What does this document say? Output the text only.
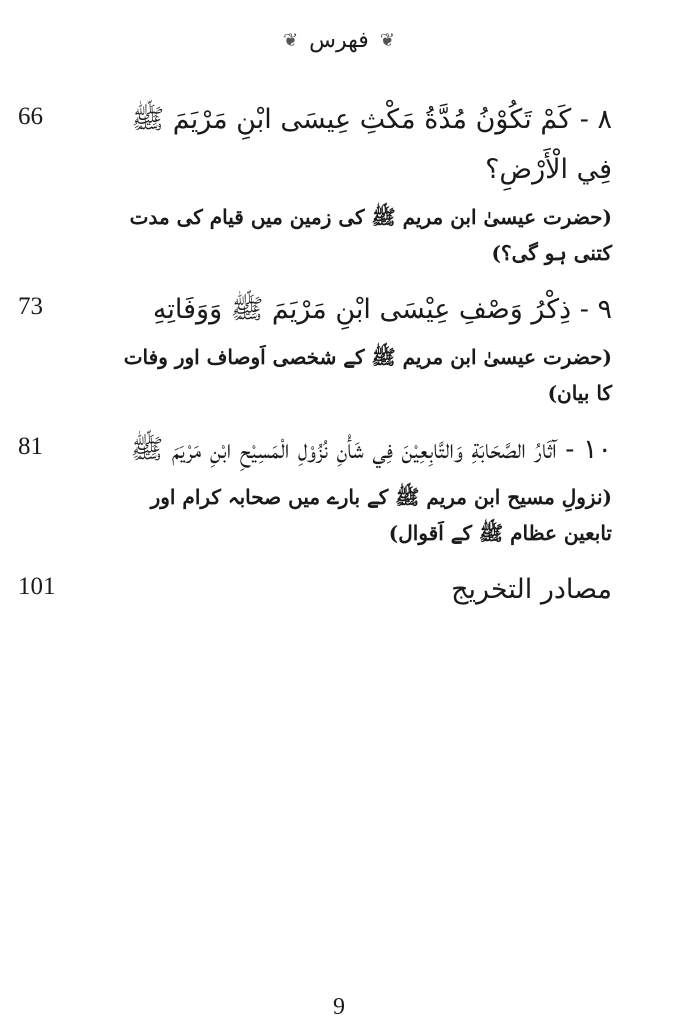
❦ فهرس ❦
66	٨ - كَمْ تَكُوْنُ مُدَّةُ مَكْثِ عِيسَى ابْنِ مَرْيَمَ ﷺ فِي الْأَرْضِ؟
(حضرت عیسیٰ ابن مریم ﷺ کی زمین میں قیام کی مدت کتنی ہو گی؟)
73	٩ - ذِكْرُ وَصْفِ عِيْسَى ابْنِ مَرْيَمَ ﷺ وَوَفَاتِهِ
(حضرت عیسیٰ ابن مریم ﷺ کے شخصی اَوصاف اور وفات کا بیان)
81	١٠ - آثَارُ الصَّحَابَةِ وَالتَّابِعِيْنَ فِي شَأْنِ نُزُوْلِ الْمَسِيْحِ ابْنِ مَرْيَمَ ﷺ
(نزولِ مسیح ابن مریم ﷺ کے بارے میں صحابہ کرام اور تابعین عظام ﷺ کے اَقوال)
101	مصادر التخريج
9
